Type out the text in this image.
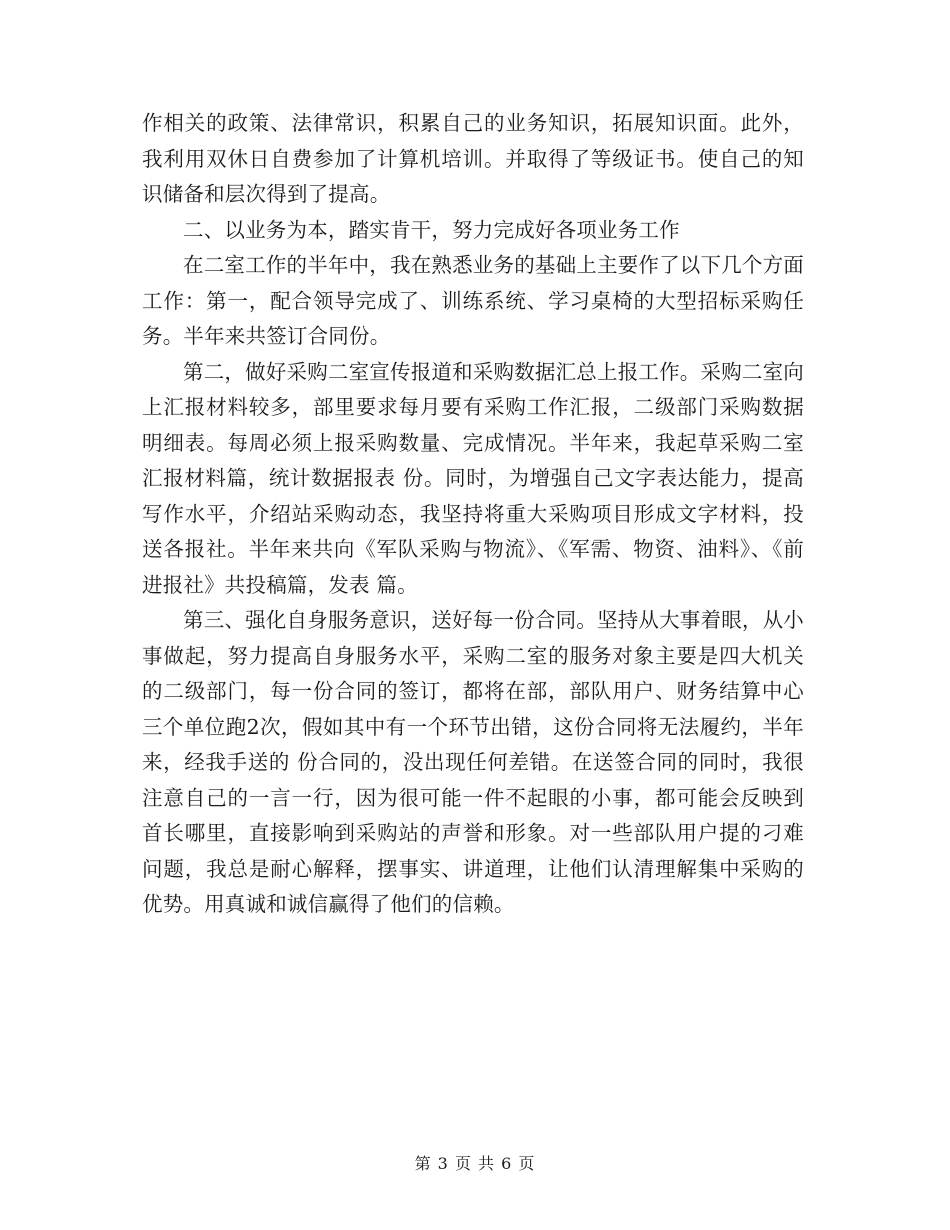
作相关的政策、法律常识，积累自己的业务知识，拓展知识面。此外，我利用双休日自费参加了计算机培训。并取得了等级证书。使自己的知识储备和层次得到了提高。

二、以业务为本，踏实肯干，努力完成好各项业务工作

在二室工作的半年中，我在熟悉业务的基础上主要作了以下几个方面工作：第一，配合领导完成了、训练系统、学习桌椅的大型招标采购任务。半年来共签订合同份。

第二，做好采购二室宣传报道和采购数据汇总上报工作。采购二室向上汇报材料较多，部里要求每月要有采购工作汇报，二级部门采购数据明细表。每周必须上报采购数量、完成情况。半年来，我起草采购二室汇报材料篇，统计数据报表 份。同时，为增强自己文字表达能力，提高写作水平，介绍站采购动态，我坚持将重大采购项目形成文字材料，投送各报社。半年来共向《军队采购与物流》、《军需、物资、油料》、《前进报社》共投稿篇，发表 篇。

第三、强化自身服务意识，送好每一份合同。坚持从大事着眼，从小事做起，努力提高自身服务水平，采购二室的服务对象主要是四大机关的二级部门，每一份合同的签订，都将在部，部队用户、财务结算中心三个单位跑2次，假如其中有一个环节出错，这份合同将无法履约，半年来，经我手送的 份合同的，没出现任何差错。在送签合同的同时，我很注意自己的一言一行，因为很可能一件不起眼的小事，都可能会反映到首长哪里，直接影响到采购站的声誉和形象。对一些部队用户提的刁难问题，我总是耐心解释，摆事实、讲道理，让他们认清理解集中采购的优势。用真诚和诚信赢得了他们的信赖。

第 3 页 共 6 页
